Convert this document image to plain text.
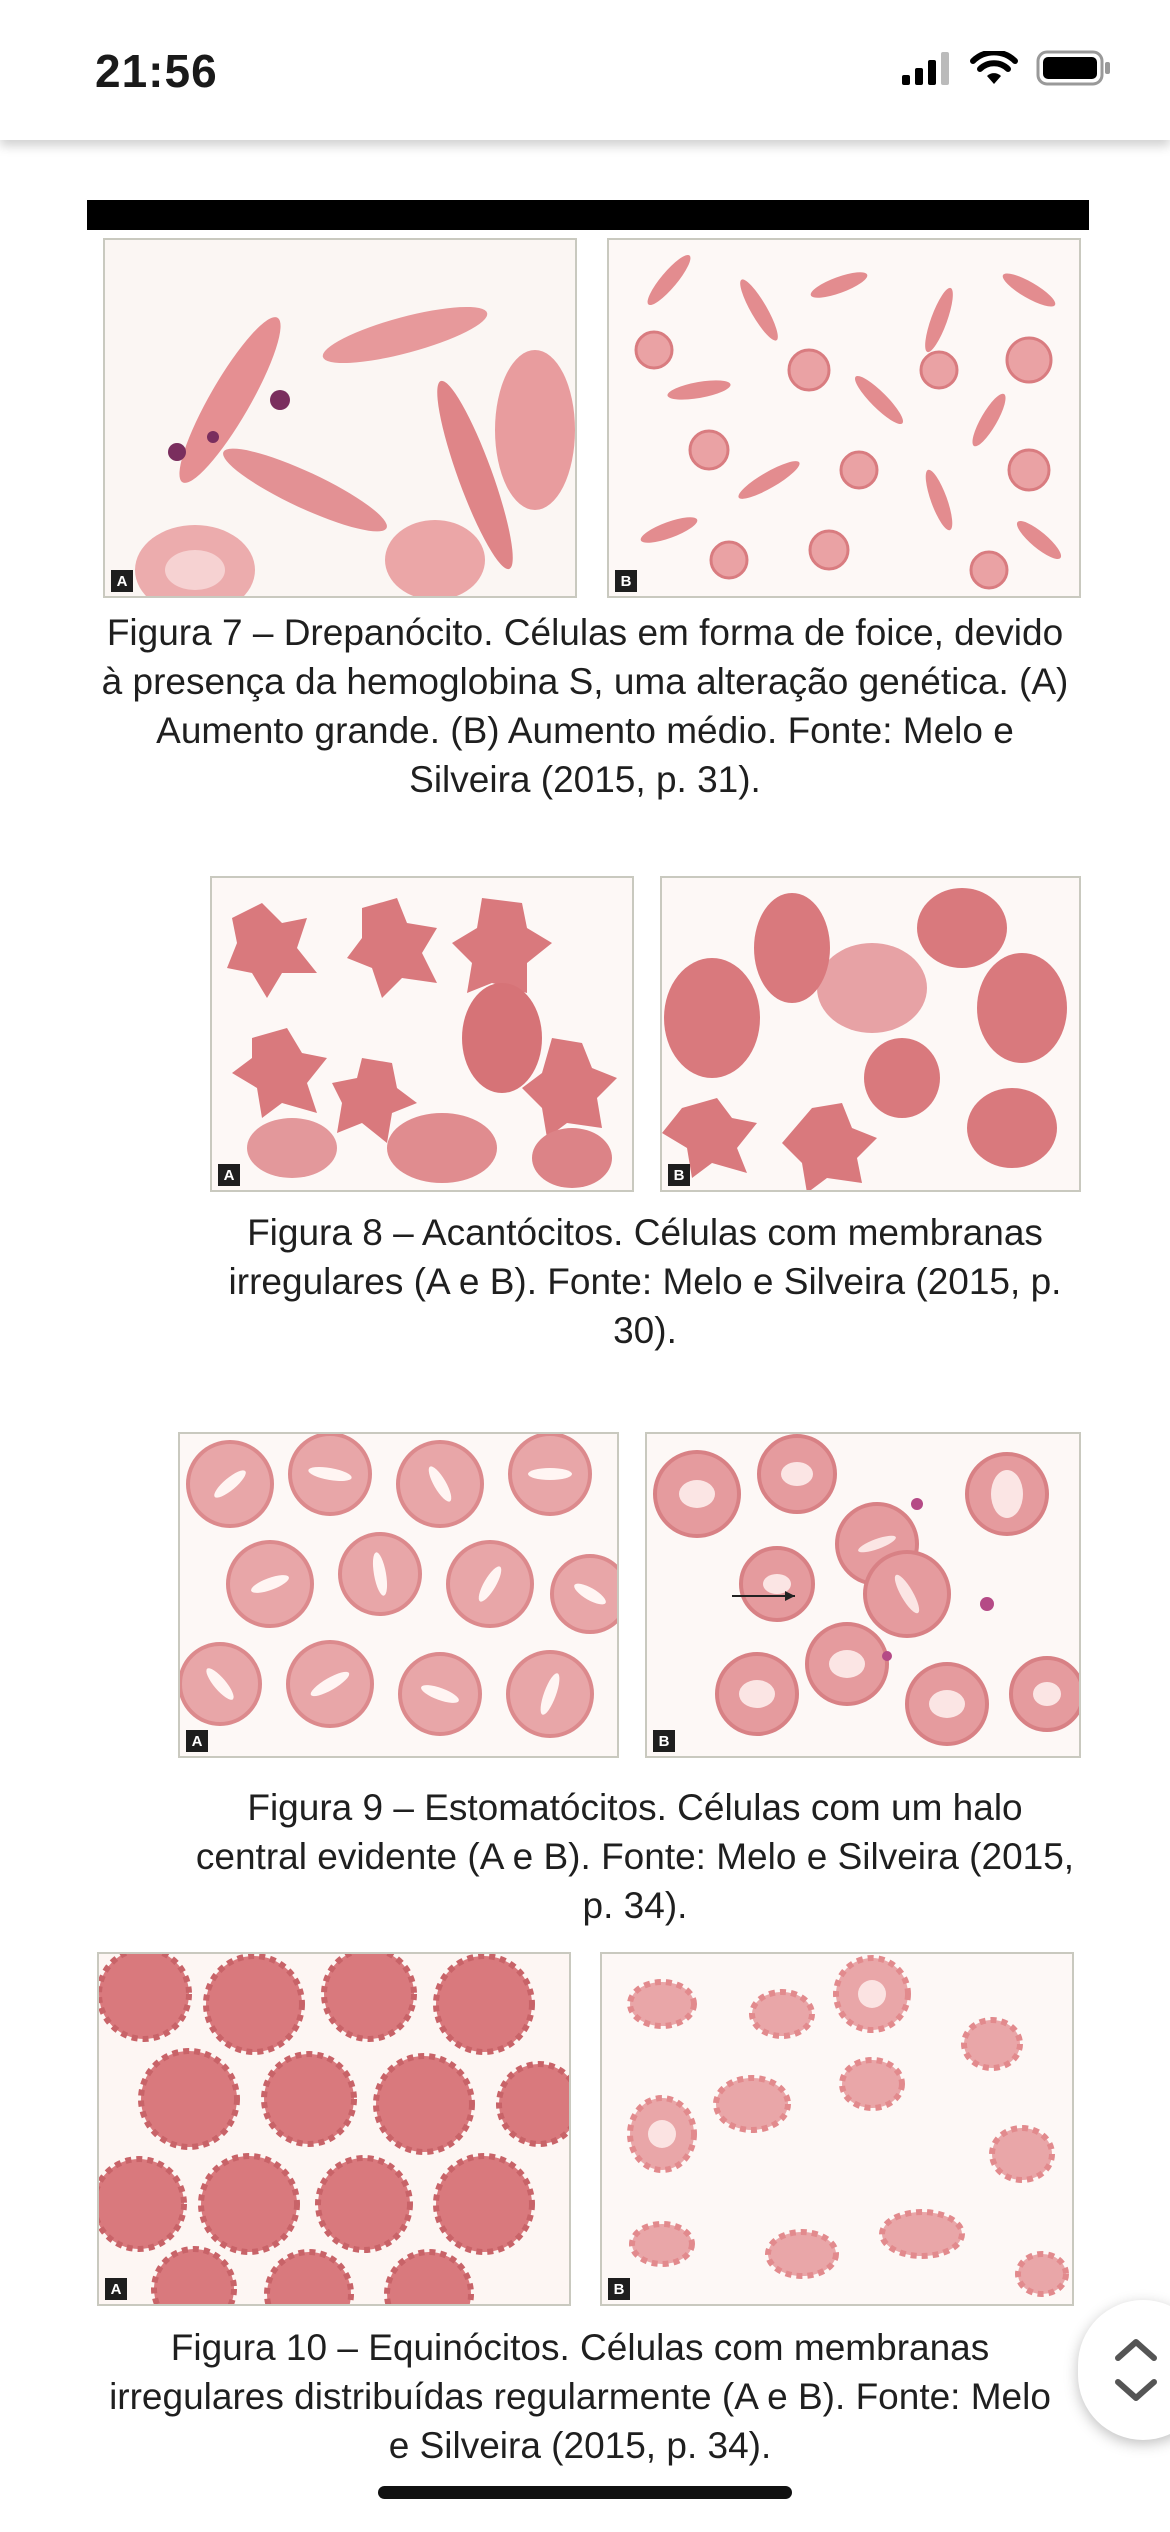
21:56
A	B
Figura 7 – Drepanócito. Células em forma de foice, devido à presença da hemoglobina S, uma alteração genética. (A) Aumento grande. (B) Aumento médio. Fonte: Melo e Silveira (2015, p. 31).
A	B
Figura 8 – Acantócitos. Células com membranas irregulares (A e B). Fonte: Melo e Silveira (2015, p. 30).
A	B
Figura 9 – Estomatócitos. Células com um halo central evidente (A e B). Fonte: Melo e Silveira (2015, p. 34).
A	B
Figura 10 – Equinócitos. Células com membranas irregulares distribuídas regularmente (A e B). Fonte: Melo e Silveira (2015, p. 34).
